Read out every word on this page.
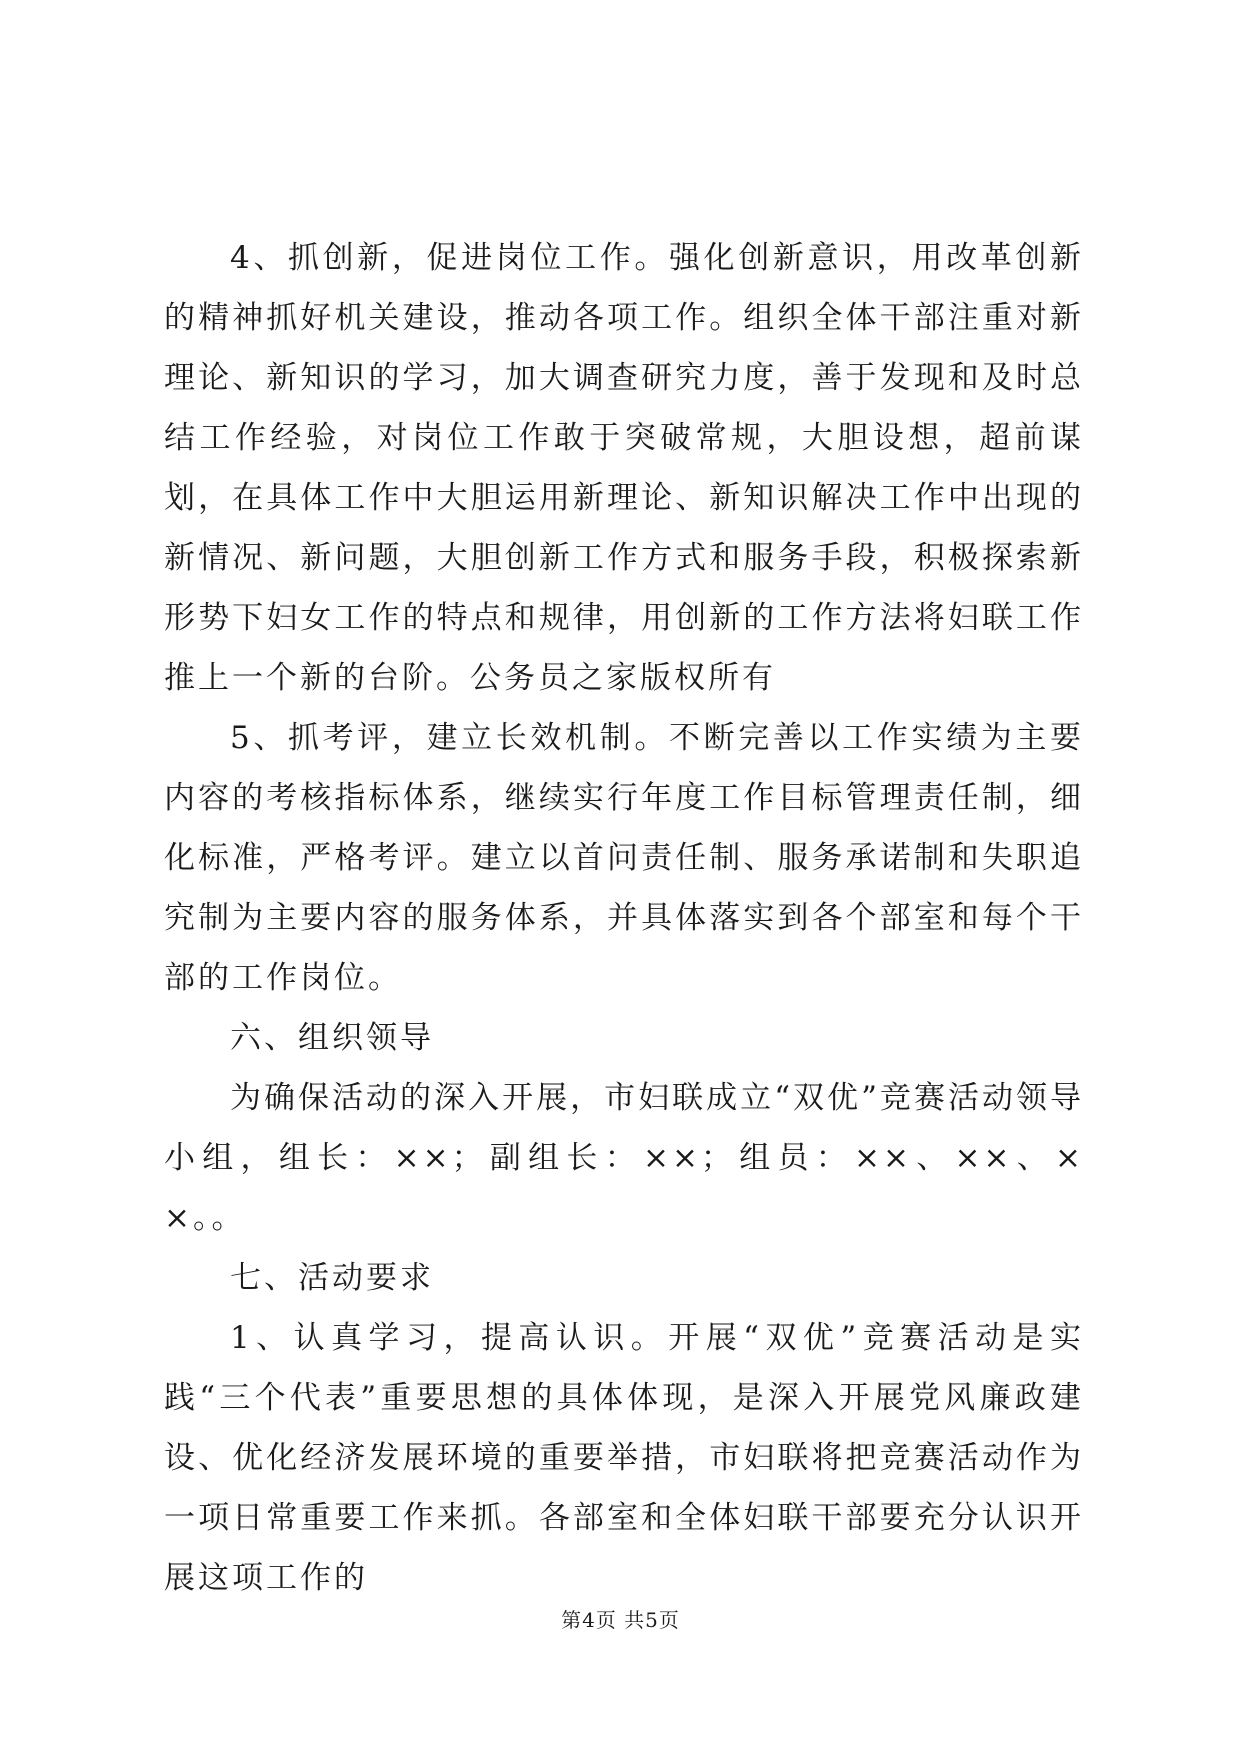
4、抓创新，促进岗位工作。强化创新意识，用改革创新的精神抓好机关建设，推动各项工作。组织全体干部注重对新理论、新知识的学习，加大调查研究力度，善于发现和及时总结工作经验，对岗位工作敢于突破常规，大胆设想，超前谋划，在具体工作中大胆运用新理论、新知识解决工作中出现的新情况、新问题，大胆创新工作方式和服务手段，积极探索新形势下妇女工作的特点和规律，用创新的工作方法将妇联工作推上一个新的台阶。公务员之家版权所有

5、抓考评，建立长效机制。不断完善以工作实绩为主要内容的考核指标体系，继续实行年度工作目标管理责任制，细化标准，严格考评。建立以首问责任制、服务承诺制和失职追究制为主要内容的服务体系，并具体落实到各个部室和每个干部的工作岗位。

六、组织领导

为确保活动的深入开展，市妇联成立“双优”竞赛活动领导小组，组长：××；副组长：××；组员：××、××、××。。

七、活动要求

1、认真学习，提高认识。开展“双优”竞赛活动是实践“三个代表”重要思想的具体体现，是深入开展党风廉政建设、优化经济发展环境的重要举措，市妇联将把竞赛活动作为一项日常重要工作来抓。各部室和全体妇联干部要充分认识开展这项工作的

第4页 共5页
